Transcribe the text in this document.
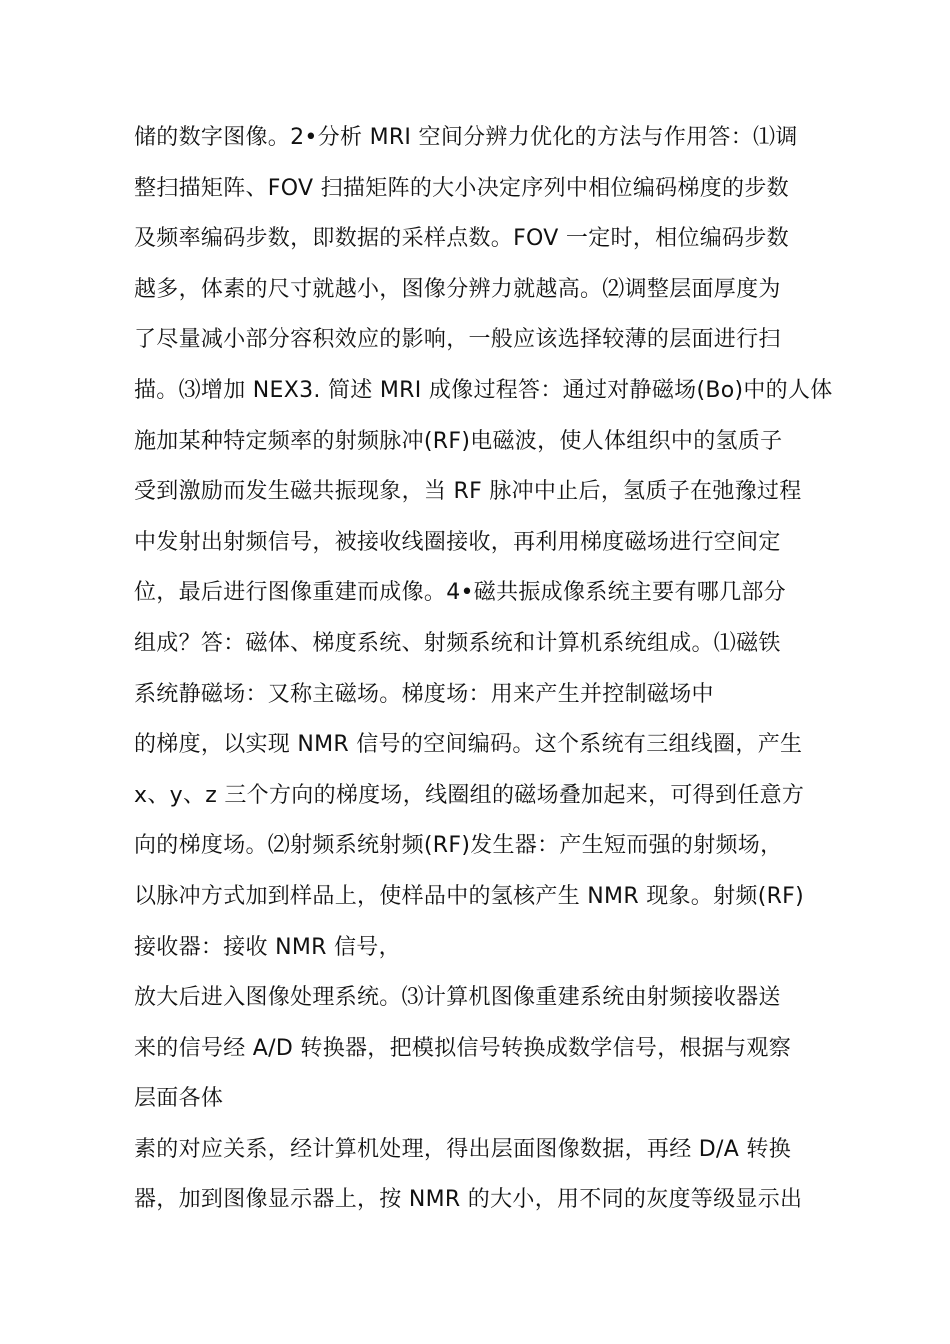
储的数字图像。2•分析 MRI 空间分辨力优化的方法与作用答：⑴调
整扫描矩阵、FOV 扫描矩阵的大小决定序列中相位编码梯度的步数
及频率编码步数，即数据的采样点数。FOV 一定时，相位编码步数
越多，体素的尺寸就越小，图像分辨力就越高。⑵调整层面厚度为
了尽量减小部分容积效应的影响，一般应该选择较薄的层面进行扫
描。⑶增加 NEX3. 简述 MRI 成像过程答：通过对静磁场(Bo)中的人体
施加某种特定频率的射频脉冲(RF)电磁波，使人体组织中的氢质子
受到激励而发生磁共振现象，当 RF 脉冲中止后，氢质子在弛豫过程
中发射出射频信号，被接收线圈接收，再利用梯度磁场进行空间定
位，最后进行图像重建而成像。4•磁共振成像系统主要有哪几部分
组成？答：磁体、梯度系统、射频系统和计算机系统组成。⑴磁铁
系统静磁场：又称主磁场。梯度场：用来产生并控制磁场中
的梯度，以实现 NMR 信号的空间编码。这个系统有三组线圈，产生
x、y、z 三个方向的梯度场，线圈组的磁场叠加起来，可得到任意方
向的梯度场。⑵射频系统射频(RF)发生器：产生短而强的射频场，
以脉冲方式加到样品上，使样品中的氢核产生 NMR 现象。射频(RF)
接收器：接收 NMR 信号，
放大后进入图像处理系统。⑶计算机图像重建系统由射频接收器送
来的信号经 A/D 转换器，把模拟信号转换成数学信号，根据与观察
层面各体
素的对应关系，经计算机处理，得出层面图像数据，再经 D/A 转换
器，加到图像显示器上，按 NMR 的大小，用不同的灰度等级显示出
